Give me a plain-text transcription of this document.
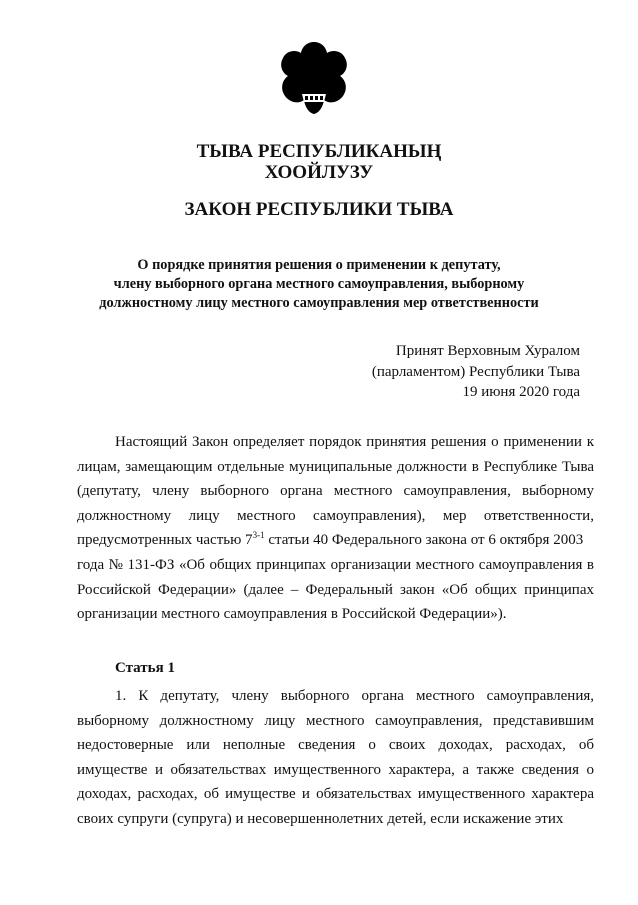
ТЫВА РЕСПУБЛИКАНЫҢ
ХООЙЛУЗУ
ЗАКОН РЕСПУБЛИКИ ТЫВА
О порядке принятия решения о применении к депутату,
члену выборного органа местного самоуправления, выборному
должностному лицу местного самоуправления мер ответственности
Принят Верховным Хуралом
(парламентом) Республики Тыва
19 июня 2020 года
Настоящий Закон определяет порядок принятия решения о применении к
лицам, замещающим отдельные муниципальные должности в Республике Тыва
(депутату, члену выборного органа местного самоуправления, выборному
должностному лицу местного самоуправления), мер ответственности,
предусмотренных частью 7$^{3-1}$ статьи 40 Федерального закона от 6 октября 2003
года № 131-ФЗ «Об общих принципах организации местного самоуправления в
Российской Федерации» (далее – Федеральный закон «Об общих принципах
организации местного самоуправления в Российской Федерации»).
Статья 1
1. К депутату, члену выборного органа местного самоуправления,
выборному должностному лицу местного самоуправления, представившим
недостоверные или неполные сведения о своих доходах, расходах, об
имуществе и обязательствах имущественного характера, а также сведения о
доходах, расходах, об имуществе и обязательствах имущественного характера
своих супруги (супруга) и несовершеннолетних детей, если искажение этих
